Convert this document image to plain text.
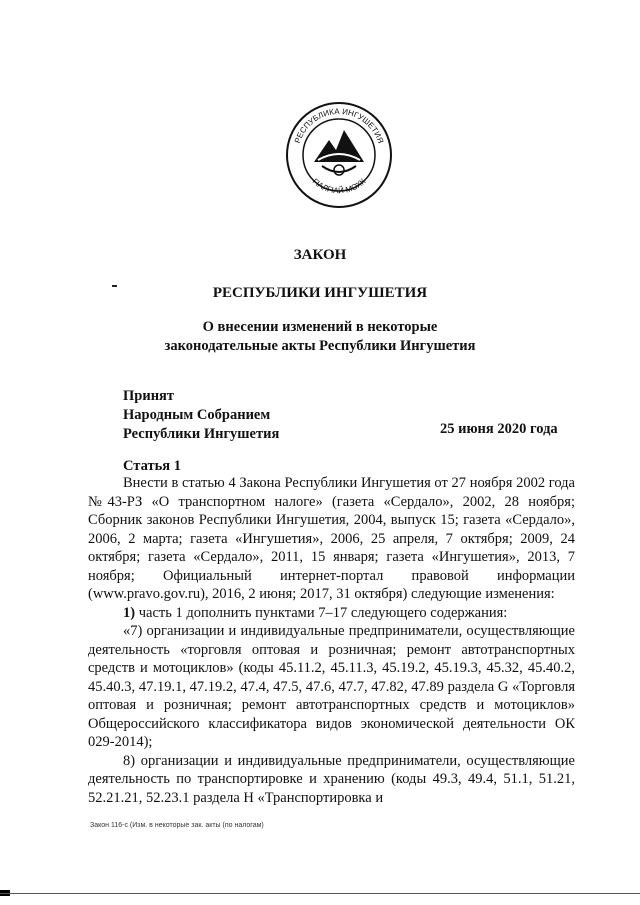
РЕСПУБЛИКА ИНГУШЕТИЯ
ГІАЛГІАЙ МОХК
ЗАКОН
РЕСПУБЛИКИ ИНГУШЕТИЯ
О внесении изменений в некоторые
законодательные акты Республики Ингушетия
Принят
Народным Собранием
Республики Ингушетия	25 июня 2020 года
Статья 1

Внести в статью 4 Закона Республики Ингушетия от 27 ноября 2002 года №43-РЗ «О транспортном налоге» (газета «Сердало», 2002, 28 ноября; Сборник законов Республики Ингушетия, 2004, выпуск 15; газета «Сердало», 2006, 2 марта; газета «Ингушетия», 2006, 25 апреля, 7 октября; 2009, 24 октября; газета «Сердало», 2011, 15 января; газета «Ингушетия», 2013, 7 ноября; Официальный интернет-портал правовой информации (www.pravo.gov.ru), 2016, 2 июня; 2017, 31 октября) следующие изменения:

1) часть 1 дополнить пунктами 7–17 следующего содержания:

«7) организации и индивидуальные предприниматели, осуществляющие деятельность «торговля оптовая и розничная; ремонт автотранспортных средств и мотоциклов» (коды 45.11.2, 45.11.3, 45.19.2, 45.19.3, 45.32, 45.40.2, 45.40.3, 47.19.1, 47.19.2, 47.4, 47.5, 47.6, 47.7, 47.82, 47.89 раздела G «Торговля оптовая и розничная; ремонт автотранспортных средств и мотоциклов» Общероссийского классификатора видов экономической деятельности ОК 029-2014);

8) организации и индивидуальные предприниматели, осуществляющие деятельность по транспортировке и хранению (коды 49.3, 49.4, 51.1, 51.21, 52.21.21, 52.23.1 раздела H «Транспортировка и

Закон 116-с (Изм. в некоторые зак. акты (по налогам)
